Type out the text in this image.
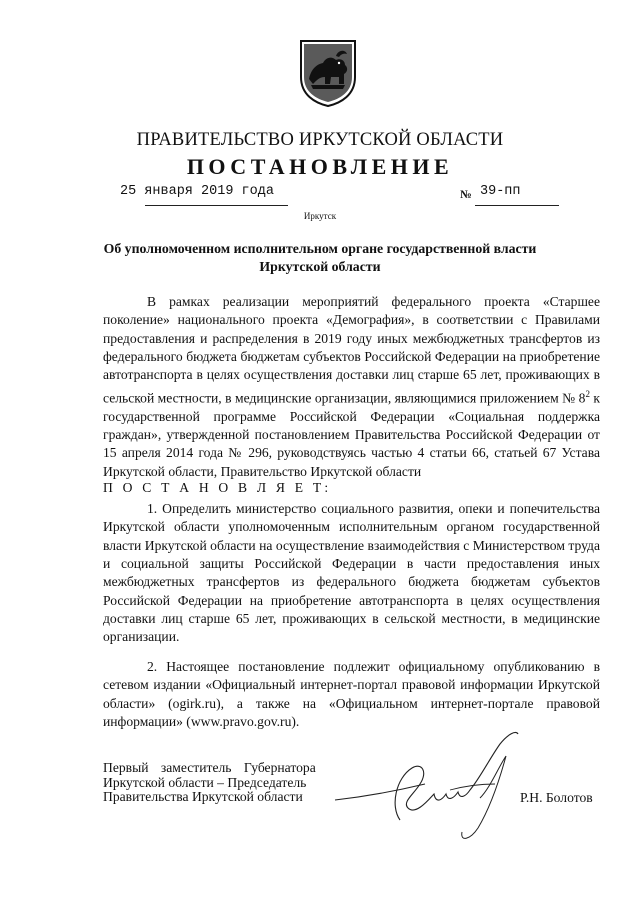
ПРАВИТЕЛЬСТВО ИРКУТСКОЙ ОБЛАСТИ
ПОСТАНОВЛЕНИЕ
25 января 2019 года	№ 39-пп
Иркутск
Об уполномоченном исполнительном органе государственной власти
Иркутской области
В рамках реализации мероприятий федерального проекта «Старшее поколение» национального проекта «Демография», в соответствии с Правилами предоставления и распределения в 2019 году иных межбюджетных трансфертов из федерального бюджета бюджетам субъектов Российской Федерации на приобретение автотранспорта в целях осуществления доставки лиц старше 65 лет, проживающих в сельской местности, в медицинские организации, являющимися приложением № $8^2$ к государственной программе Российской Федерации «Социальная поддержка граждан», утвержденной постановлением Правительства Российской Федерации от 15 апреля 2014 года № 296, руководствуясь частью 4 статьи 66, статьей 67 Устава Иркутской области, Правительство Иркутской области
П О С Т А Н О В Л Я Е Т:
1. Определить министерство социального развития, опеки и попечительства Иркутской области уполномоченным исполнительным органом государственной власти Иркутской области на осуществление взаимодействия с Министерством труда и социальной защиты Российской Федерации в части предоставления иных межбюджетных трансфертов из федерального бюджета бюджетам субъектов Российской Федерации на приобретение автотранспорта в целях осуществления доставки лиц старше 65 лет, проживающих в сельской местности, в медицинские организации.
2. Настоящее постановление подлежит официальному опубликованию в сетевом издании «Официальный интернет-портал правовой информации Иркутской области» (ogirk.ru), а также на «Официальном интернет-портале правовой информации» (www.pravo.gov.ru).
Первый заместитель Губернатора
Иркутской области – Председатель
Правительства Иркутской области	Р.Н. Болотов
